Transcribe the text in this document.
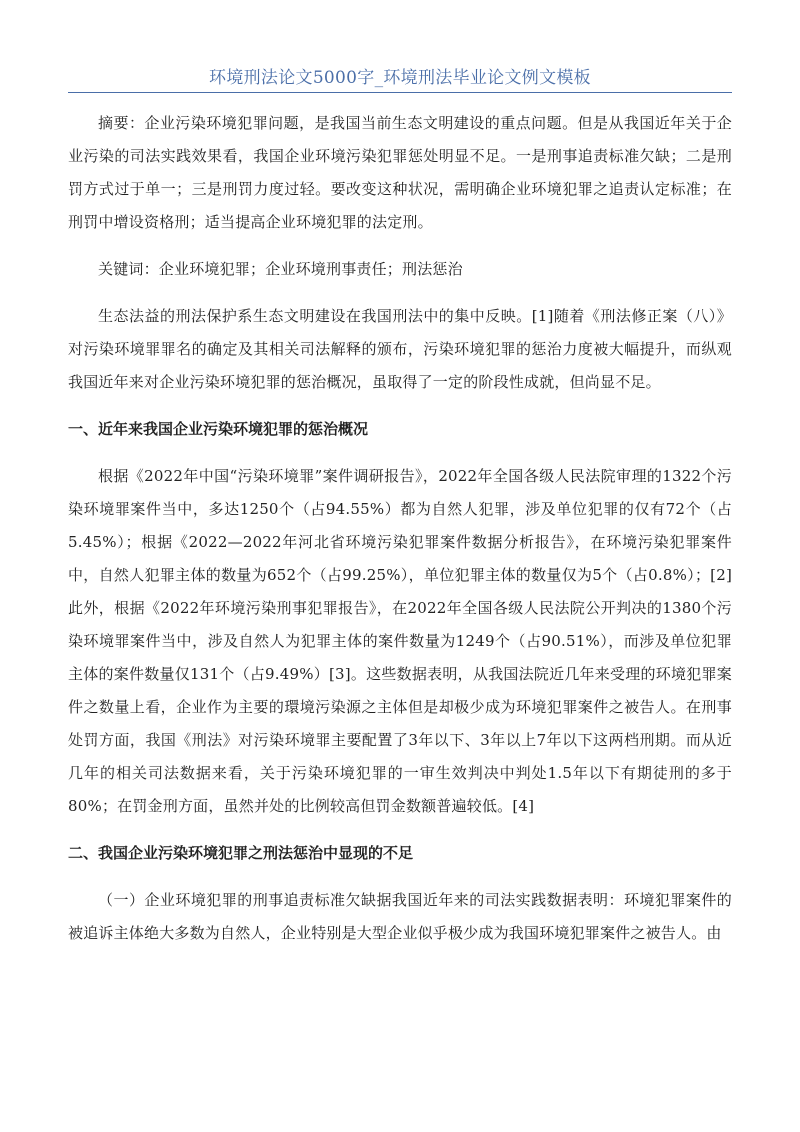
环境刑法论文5000字_环境刑法毕业论文例文模板

摘要：企业污染环境犯罪问题，是我国当前生态文明建设的重点问题。但是从我国近年关于企业污染的司法实践效果看，我国企业环境污染犯罪惩处明显不足。一是刑事追责标准欠缺；二是刑罚方式过于单一；三是刑罚力度过轻。要改变这种状况，需明确企业环境犯罪之追责认定标准；在刑罚中增设资格刑；适当提高企业环境犯罪的法定刑。

关键词：企业环境犯罪；企业环境刑事责任；刑法惩治

生态法益的刑法保护系生态文明建设在我国刑法中的集中反映。[1]随着《刑法修正案（八）》对污染环境罪罪名的确定及其相关司法解释的颁布，污染环境犯罪的惩治力度被大幅提升，而纵观我国近年来对企业污染环境犯罪的惩治概况，虽取得了一定的阶段性成就，但尚显不足。

一、近年来我国企业污染环境犯罪的惩治概况

根据《2022年中国“污染环境罪”案件调研报告》，2022年全国各级人民法院审理的1322个污染环境罪案件当中，多达1250个（占94.55%）都为自然人犯罪，涉及单位犯罪的仅有72个（占5.45%）；根据《2022—2022年河北省环境污染犯罪案件数据分析报告》，在环境污染犯罪案件中，自然人犯罪主体的数量为652个（占99.25%），单位犯罪主体的数量仅为5个（占0.8%）；[2]此外，根据《2022年环境污染刑事犯罪报告》，在2022年全国各级人民法院公开判决的1380个污染环境罪案件当中，涉及自然人为犯罪主体的案件数量为1249个（占90.51%），而涉及单位犯罪主体的案件数量仅131个（占9.49%）[3]。这些数据表明，从我国法院近几年来受理的环境犯罪案件之数量上看，企业作为主要的環境污染源之主体但是却极少成为环境犯罪案件之被告人。在刑事处罚方面，我国《刑法》对污染环境罪主要配置了3年以下、3年以上7年以下这两档刑期。而从近几年的相关司法数据来看，关于污染环境犯罪的一审生效判决中判处1.5年以下有期徒刑的多于80%；在罚金刑方面，虽然并处的比例较高但罚金数额普遍较低。[4]

二、我国企业污染环境犯罪之刑法惩治中显现的不足

（一）企业环境犯罪的刑事追责标准欠缺据我国近年来的司法实践数据表明：环境犯罪案件的被追诉主体绝大多数为自然人，企业特别是大型企业似乎极少成为我国环境犯罪案件之被告人。由
